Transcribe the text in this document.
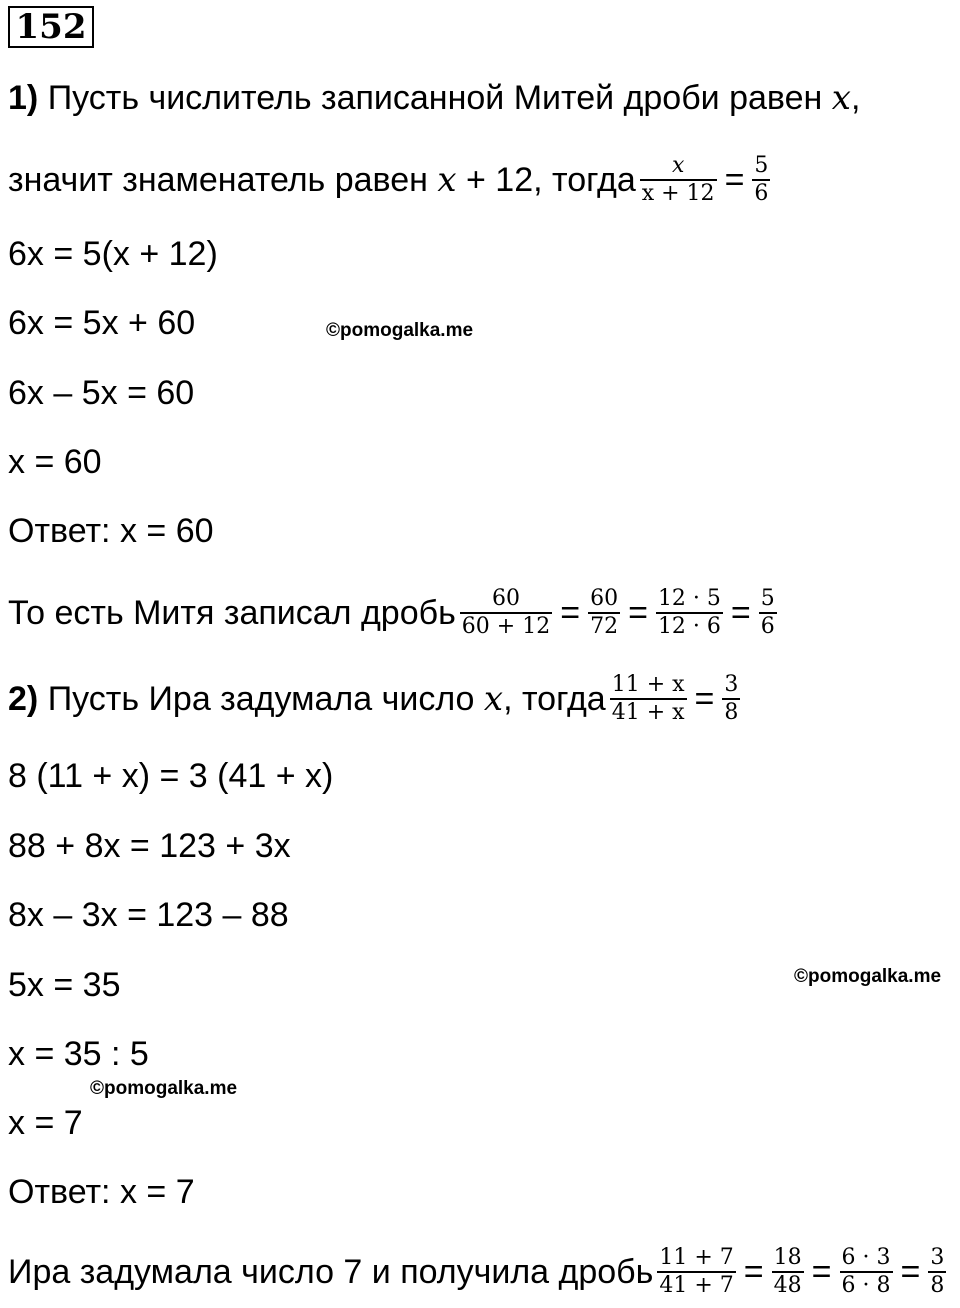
152
1)
Пусть числитель записанной Митей дроби равен
x ,
значит знаменатель равен
x
+ 12, тогда $\frac{x}{x + 12} = \frac{5}{6}$
6x = 5(x + 12)
6x = 5x + 60	©pomogalka.me
6x – 5x = 60
x = 60
Ответ:
x = 60
То есть Митя записал дробь $\frac{60}{60 + 12} = \frac{60}{72} = \frac{12 \cdot 5}{12 \cdot 6} = \frac{5}{6}$
2)
Пусть Ира задумала число
x , тогда $\frac{11 + x}{41 + x} = \frac{3}{8}$
8 (11 + x) = 3 (41 + x)
88 + 8x = 123 + 3x
8x – 3x = 123 – 88
5x = 35	©pomogalka.me
x = 35 : 5
©pomogalka.me
x = 7
Ответ:
x = 7
Ира задумала число 7 и получила дробь $\frac{11 + 7}{41 + 7} = \frac{18}{48} = \frac{6 \cdot 3}{6 \cdot 8} = \frac{3}{8}$
